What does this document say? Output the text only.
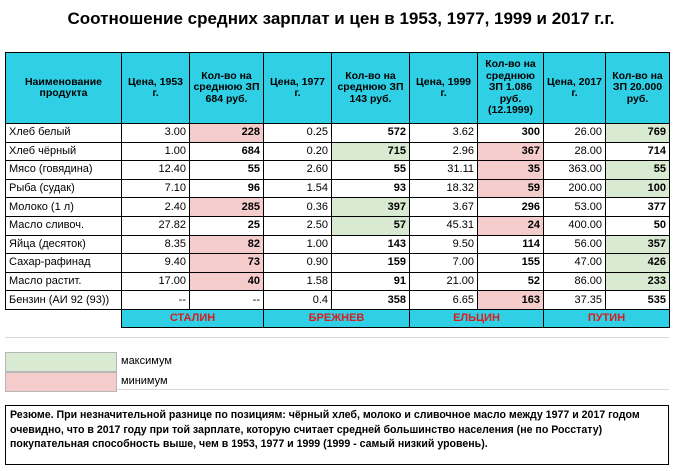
Соотношение средних зарплат и цен в 1953, 1977, 1999 и 2017 г.г.
Наименование продукта	Цена, 1953 г.	Кол-во на среднюю ЗП 684 руб.	Цена, 1977 г.	Кол-во на среднюю ЗП 143 руб.	Цена, 1999 г.	Кол-во на среднюю ЗП 1.086 руб. (12.1999)	Цена, 2017 г.	Кол-во на ЗП 20.000 руб.
Хлеб белый	3.00	228	0.25	572	3.62	300	26.00	769
Хлеб чёрный	1.00	684	0.20	715	2.96	367	28.00	714
Мясо (говядина)	12.40	55	2.60	55	31.11	35	363.00	55
Рыба (судак)	7.10	96	1.54	93	18.32	59	200.00	100
Молоко (1 л)	2.40	285	0.36	397	3.67	296	53.00	377
Масло сливоч.	27.82	25	2.50	57	45.31	24	400.00	50
Яйца (десяток)	8.35	82	1.00	143	9.50	114	56.00	357
Сахар-рафинад	9.40	73	0.90	159	7.00	155	47.00	426
Масло растит.	17.00	40	1.58	91	21.00	52	86.00	233
Бензин (АИ 92 (93))	--	--	0.4	358	6.65	163	37.35	535
	СТАЛИН		БРЕЖНЕВ		ЕЛЬЦИН		ПУТИН	
максимум
минимум
Резюме. При незначительной разнице по позициям: чёрный хлеб, молоко и сливочное масло между 1977 и 2017 годом очевидно, что в 2017 году при той зарплате, которую считает средней большинство населения (не по Росстату) покупательная способность выше, чем в 1953, 1977 и 1999 (1999 - самый низкий уровень).
